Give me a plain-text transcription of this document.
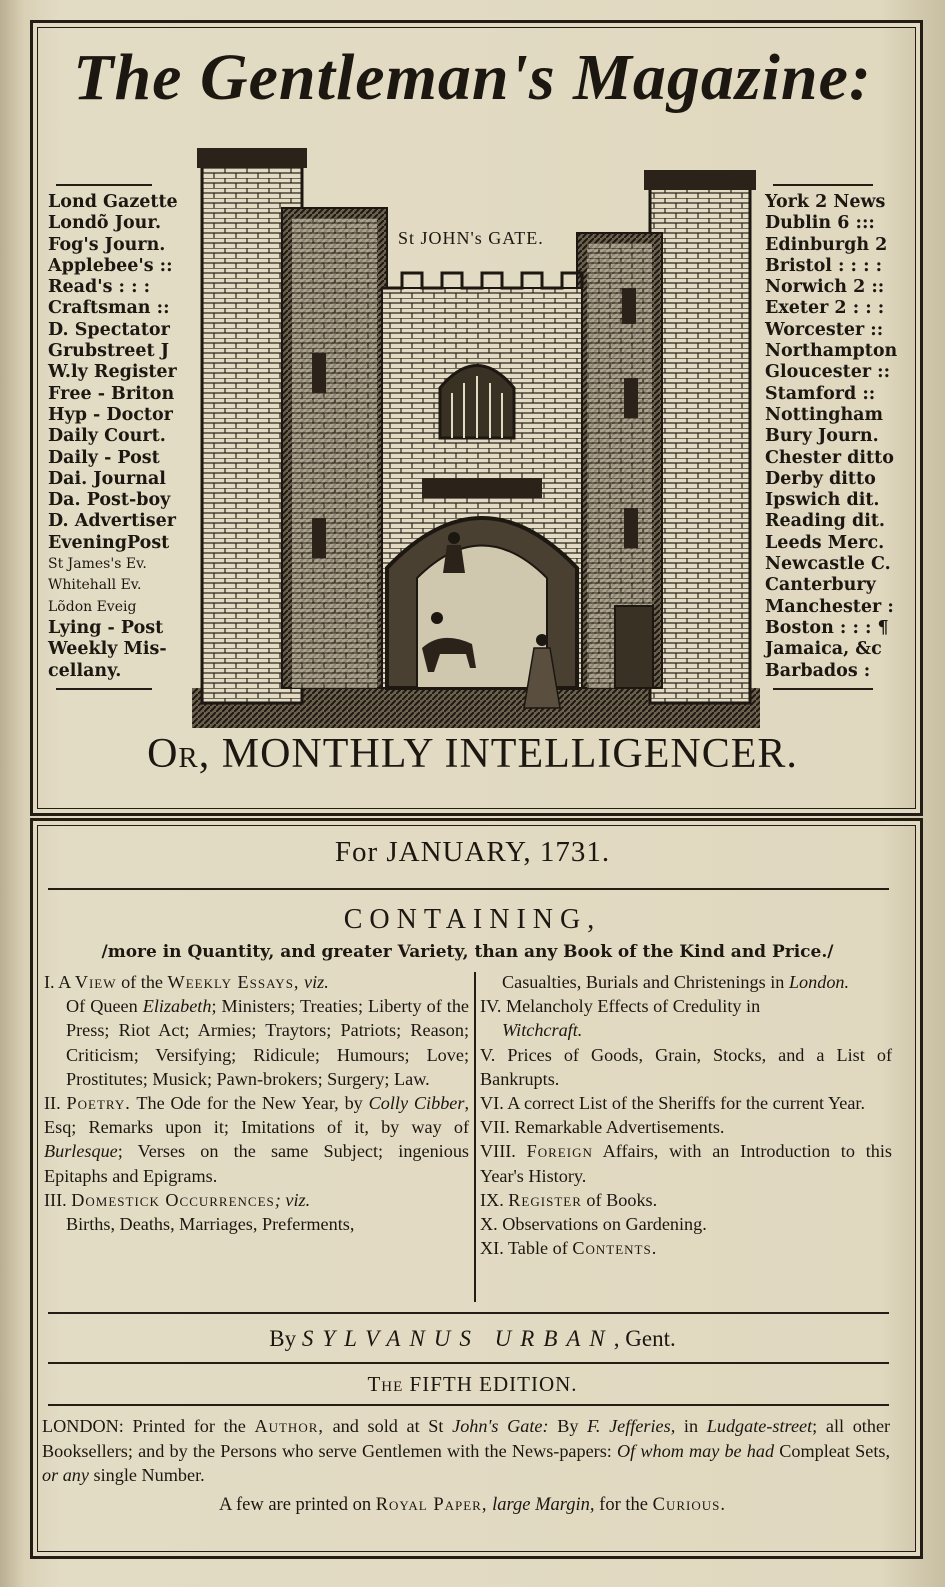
The Gentleman's Magazine:
Lond Gazette
Londõ Jour.
Fog's Journ.
Applebee's ::
Read's : : :
Craftsman ::
D. Spectator
Grubstreet J
W.ly Register
Free - Briton
Hyp - Doctor
Daily Court.
Daily - Post
Dai. Journal
Da. Post-boy
D. Advertiser
EveningPost
St James's Ev.
Whitehall Ev.
Lõdon Eveig
Lying - Post
Weekly Mis-
cellany.
St JOHN's GATE.
York 2 News
Dublin 6 :::
Edinburgh 2
Bristol : : : :
Norwich 2 ::
Exeter 2 : : :
Worcester ::
Northampton
Gloucester ::
Stamford ::
Nottingham
Bury Journ.
Chester ditto
Derby ditto
Ipswich dit.
Reading dit.
Leeds Merc.
Newcastle C.
Canterbury
Manchester :
Boston : : : ¶
Jamaica, &c
Barbados :
Or, MONTHLY INTELLIGENCER.
For JANUARY, 1731.
CONTAINING,
/more in Quantity, and greater Variety, than any Book of the Kind and Price./
I. A View of the Weekly Essays, viz.
Of Queen Elizabeth; Ministers; Treaties; Liberty of the Press; Riot Act; Armies; Traytors; Patriots; Reason; Criticism; Versifying; Ridicule; Humours; Love; Prostitutes; Musick; Pawn-brokers; Surgery; Law.
II. Poetry. The Ode for the New Year, by Colly Cibber, Esq; Remarks upon it; Imitations of it, by way of Burlesque; Verses on the same Subject; ingenious Epitaphs and Epigrams.
III. Domestick Occurrences; viz.
Births, Deaths, Marriages, Preferments,
Casualties, Burials and Christenings in London.
IV. Melancholy Effects of Credulity in
Witchcraft.
V. Prices of Goods, Grain, Stocks, and a List of Bankrupts.
VI. A correct List of the Sheriffs for the current Year.
VII. Remarkable Advertisements.
VIII. Foreign Affairs, with an Introduction to this Year's History.
IX. Register of Books.
X. Observations on Gardening.
XI. Table of Contents.
By SYLVANUS URBAN, Gent.
The FIFTH EDITION.

LONDON: Printed for the Author, and sold at St John's Gate: By F. Jefferies, in Ludgate-street; all other Booksellers; and by the Persons who serve Gentlemen with the News-papers: Of whom may be had Compleat Sets, or any single Number.

A few are printed on Royal Paper, large Margin, for the Curious.
